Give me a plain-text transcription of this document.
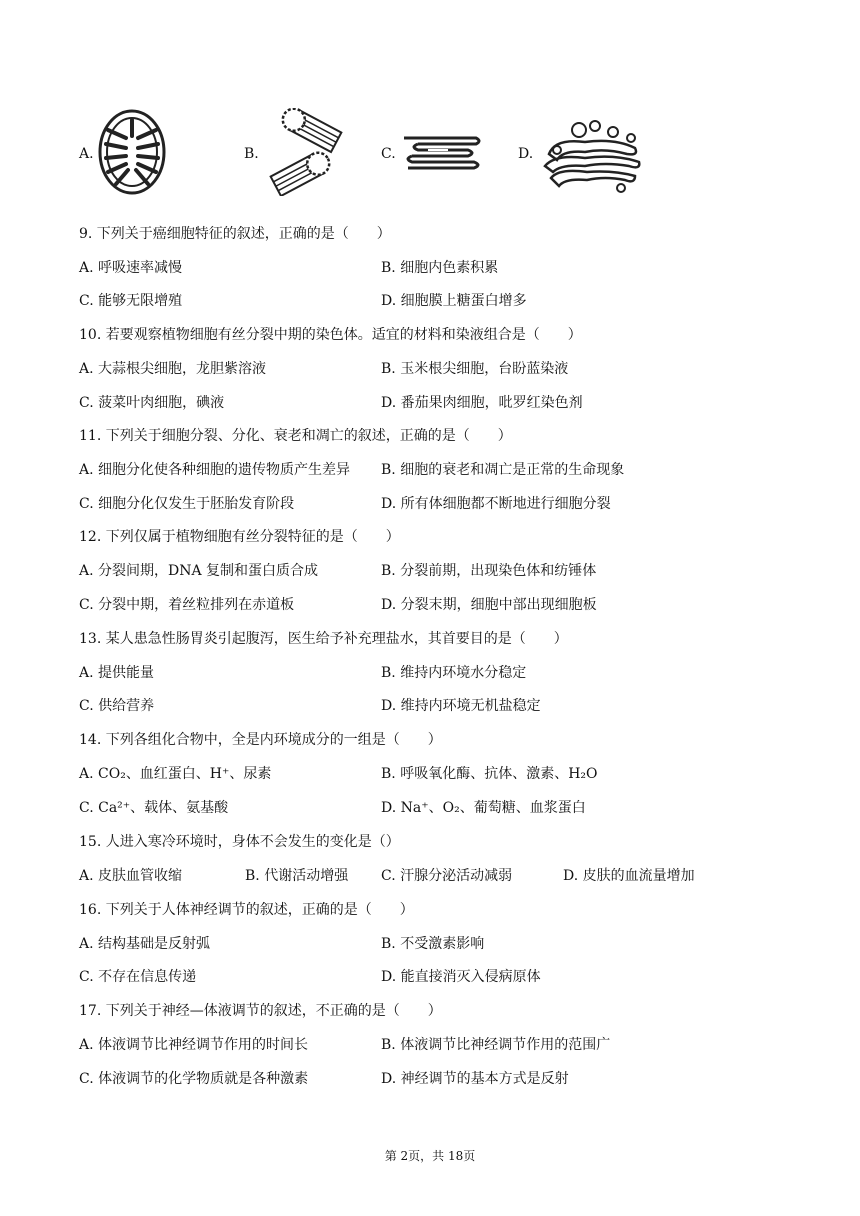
A.	B.	C.	D.
9. 下列关于癌细胞特征的叙述，正确的是（　　）
A. 呼吸速率减慢	B. 细胞内色素积累
C. 能够无限增殖	D. 细胞膜上糖蛋白增多
10. 若要观察植物细胞有丝分裂中期的染色体。适宜的材料和染液组合是（　　）
A. 大蒜根尖细胞，龙胆紫溶液	B. 玉米根尖细胞，台盼蓝染液
C. 菠菜叶肉细胞，碘液	D. 番茄果肉细胞，吡罗红染色剂
11. 下列关于细胞分裂、分化、衰老和凋亡的叙述，正确的是（　　）
A. 细胞分化使各种细胞的遗传物质产生差异 B. 细胞的衰老和凋亡是正常的生命现象
C. 细胞分化仅发生于胚胎发育阶段	D. 所有体细胞都不断地进行细胞分裂
12. 下列仅属于植物细胞有丝分裂特征的是（　　）
A. 分裂间期，DNA 复制和蛋白质合成	B. 分裂前期，出现染色体和纺锤体
C. 分裂中期，着丝粒排列在赤道板	D. 分裂末期，细胞中部出现细胞板
13. 某人患急性肠胃炎引起腹泻，医生给予补充理盐水，其首要目的是（　　）
A. 提供能量	B. 维持内环境水分稳定
C. 供给营养	D. 维持内环境无机盐稳定
14. 下列各组化合物中，全是内环境成分的一组是（　　）
A. CO₂、血红蛋白、H⁺、尿素	B. 呼吸氧化酶、抗体、激素、H₂O
C. Ca²⁺、载体、氨基酸	D. Na⁺、O₂、葡萄糖、血浆蛋白
15. 人进入寒冷环境时，身体不会发生的变化是（）
A. 皮肤血管收缩	B. 代谢活动增强 C. 汗腺分泌活动减弱	D. 皮肤的血流量增加
16. 下列关于人体神经调节的叙述，正确的是（　　）
A. 结构基础是反射弧	B. 不受激素影响
C. 不存在信息传递	D. 能直接消灭入侵病原体
17. 下列关于神经—体液调节的叙述，不正确的是（　　）
A. 体液调节比神经调节作用的时间长	B. 体液调节比神经调节作用的范围广
C. 体液调节的化学物质就是各种激素	D. 神经调节的基本方式是反射
第 2页，共 18页
